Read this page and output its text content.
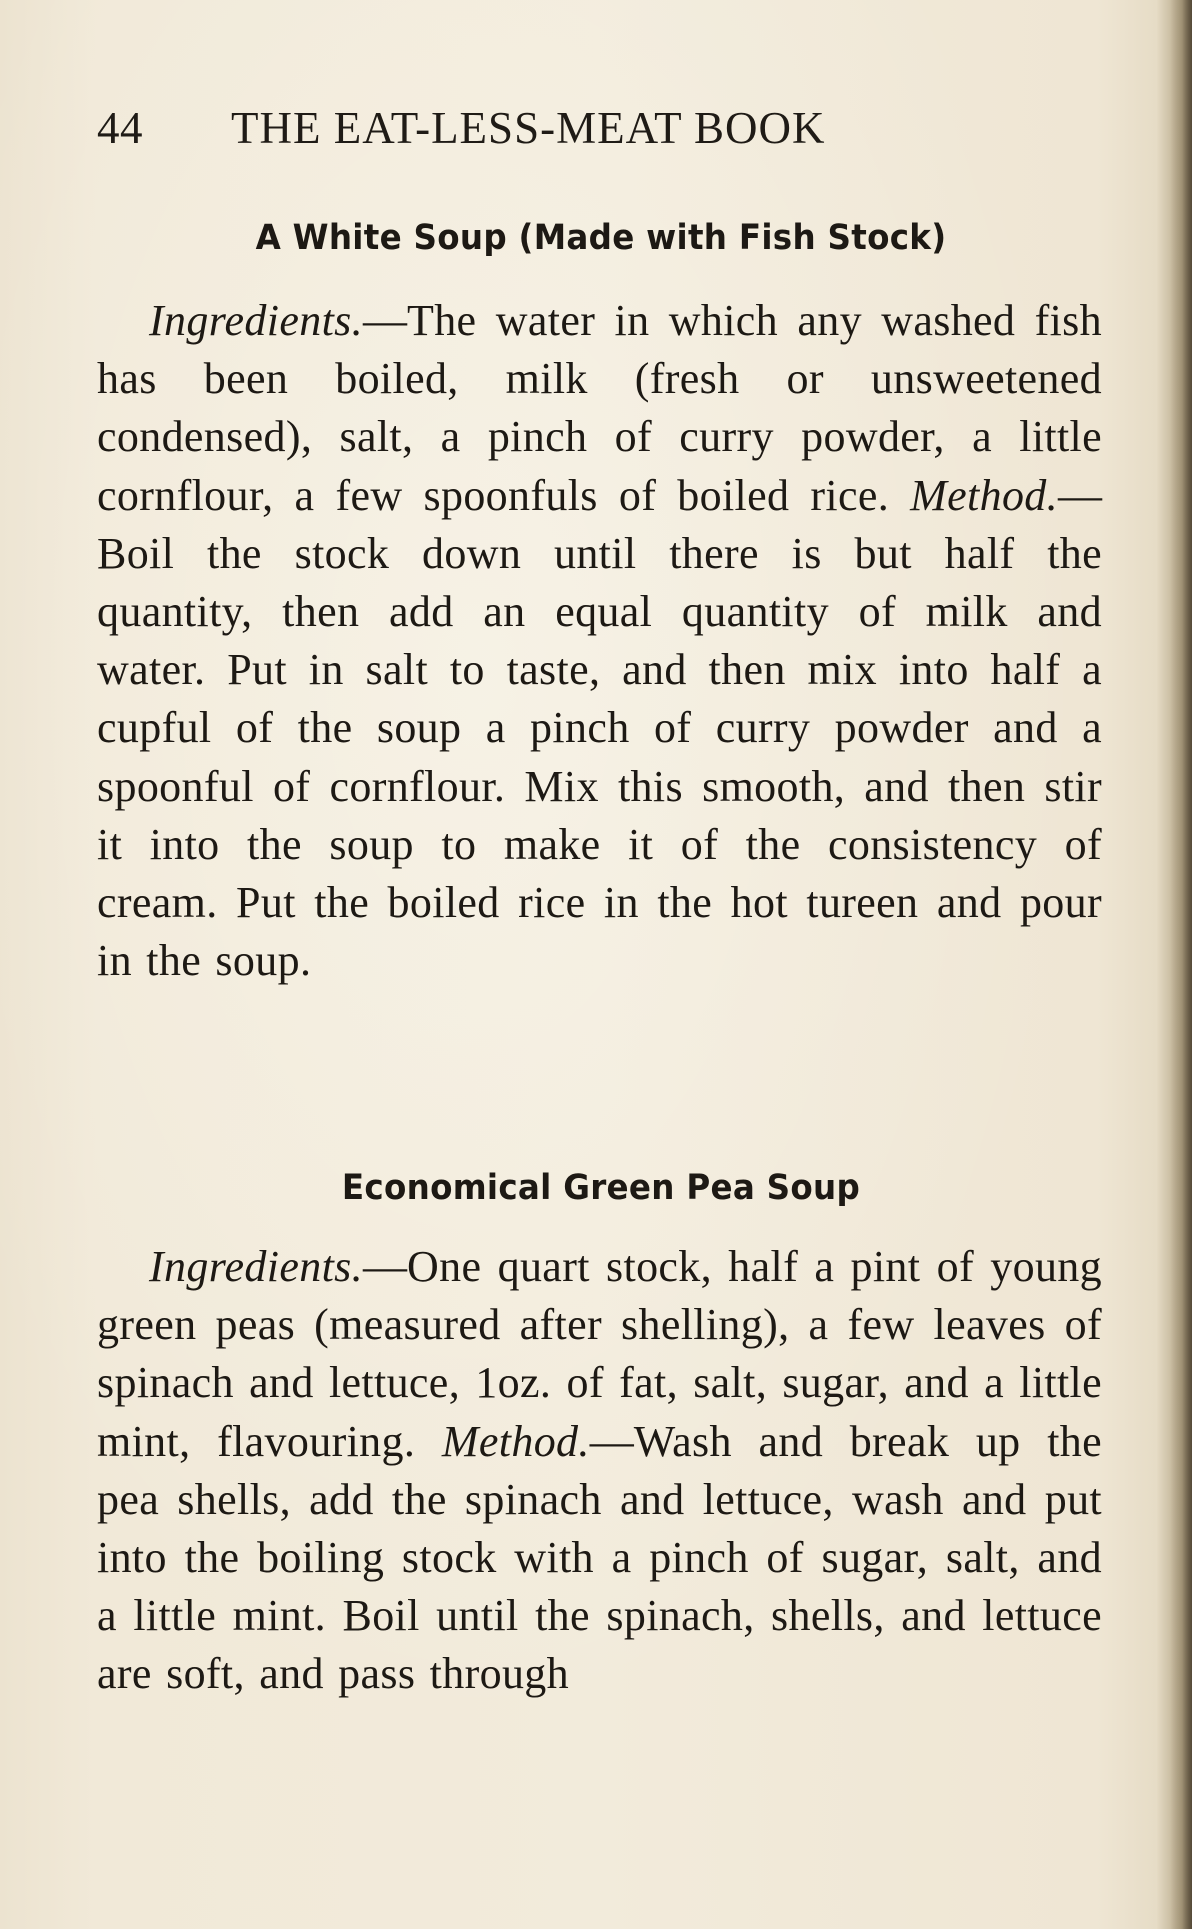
44 THE EAT-LESS-MEAT BOOK
A White Soup (Made with Fish Stock)

Ingredients.—The water in which any washed fish has been boiled, milk (fresh or unsweetened condensed), salt, a pinch of curry powder, a little cornflour, a few spoonfuls of boiled rice. Method.—Boil the stock down until there is but half the quantity, then add an equal quantity of milk and water. Put in salt to taste, and then mix into half a cupful of the soup a pinch of curry powder and a spoonful of cornflour. Mix this smooth, and then stir it into the soup to make it of the consistency of cream. Put the boiled rice in the hot tureen and pour in the soup.

Economical Green Pea Soup

Ingredients.—One quart stock, half a pint of young green peas (measured after shelling), a few leaves of spinach and lettuce, 1oz. of fat, salt, sugar, and a little mint, flavouring. Method.—Wash and break up the pea shells, add the spinach and lettuce, wash and put into the boiling stock with a pinch of sugar, salt, and a little mint. Boil until the spinach, shells, and lettuce are soft, and pass through
